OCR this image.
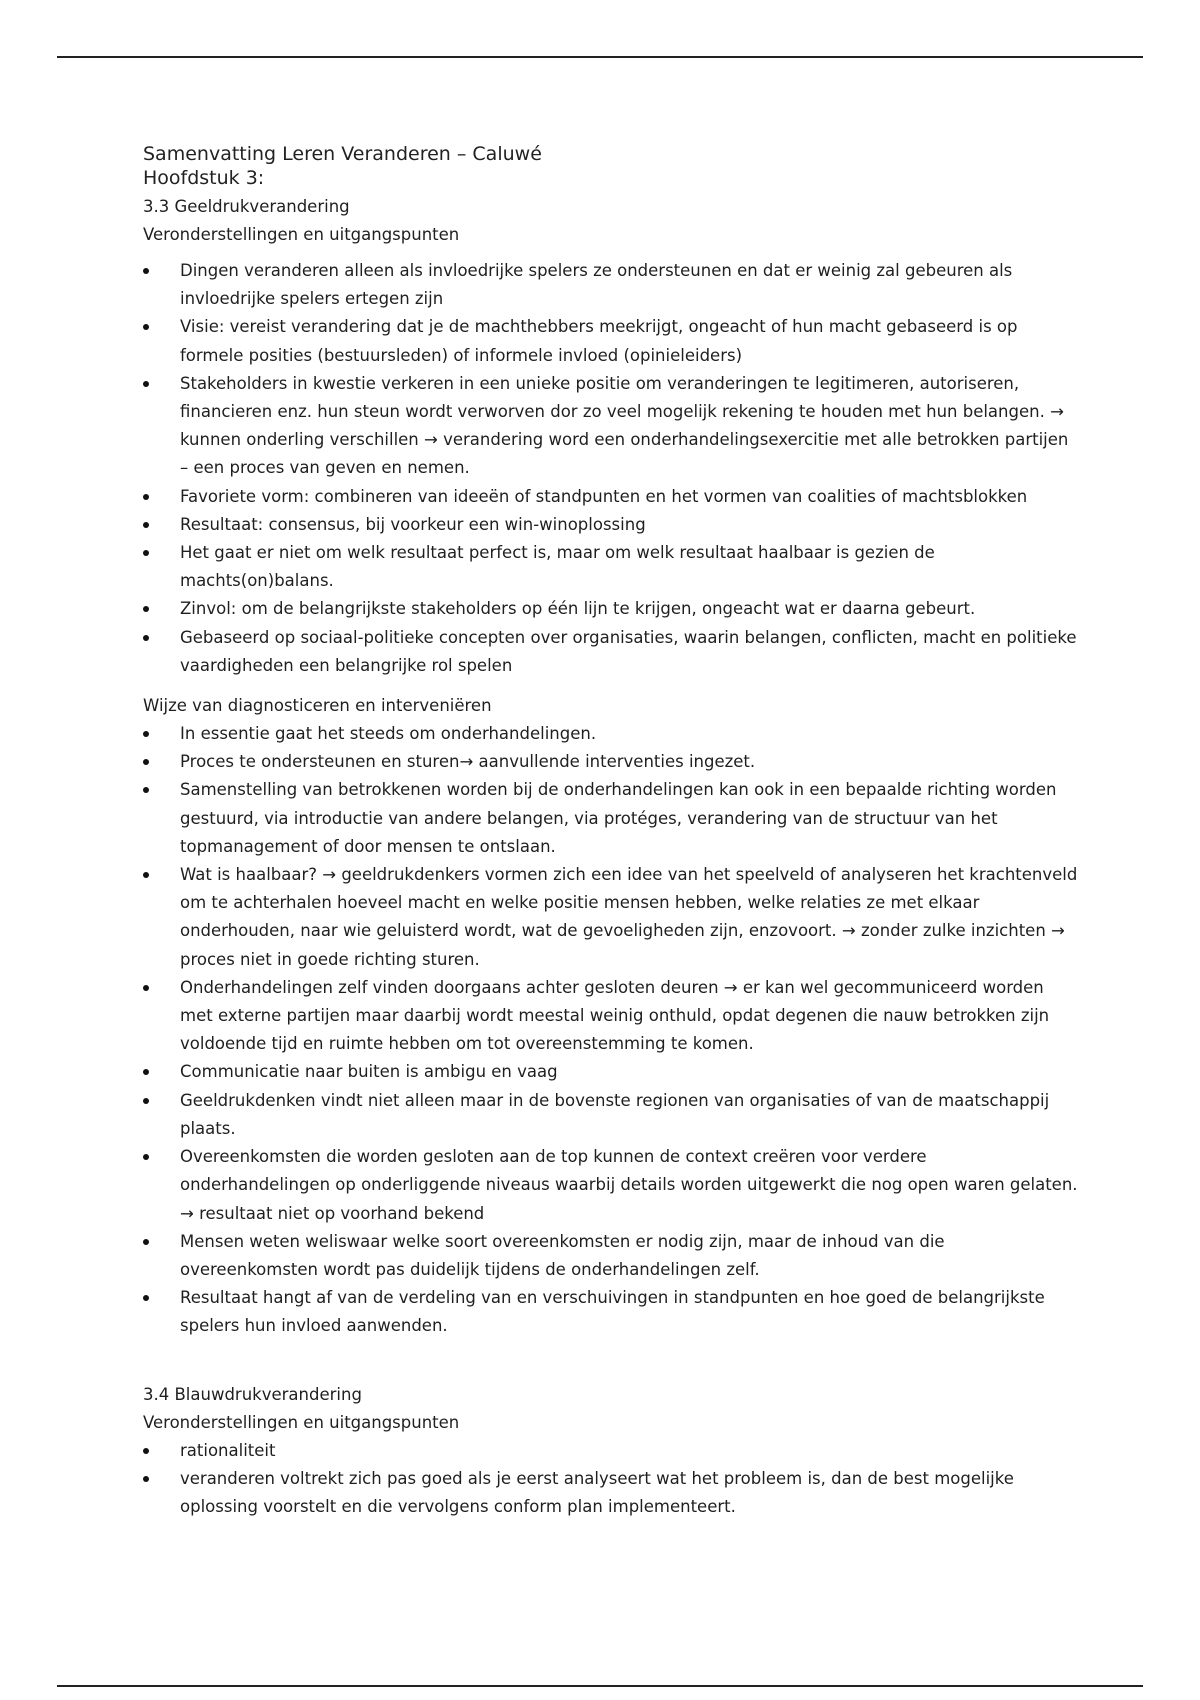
Samenvatting Leren Veranderen – Caluwé
Hoofdstuk 3:
3.3 Geeldrukverandering
Veronderstellingen en uitgangspunten
Dingen veranderen alleen als invloedrijke spelers ze ondersteunen en dat er weinig zal gebeuren als invloedrijke spelers ertegen zijn
Visie: vereist verandering dat je de machthebbers meekrijgt, ongeacht of hun macht gebaseerd is op formele posities (bestuursleden) of informele invloed (opinieleiders)
Stakeholders in kwestie verkeren in een unieke positie om veranderingen te legitimeren, autoriseren, financieren enz. hun steun wordt verworven dor zo veel mogelijk rekening te houden met hun belangen. → kunnen onderling verschillen → verandering word een onderhandelingsexercitie met alle betrokken partijen – een proces van geven en nemen.
Favoriete vorm: combineren van ideeën of standpunten en het vormen van coalities of machtsblokken
Resultaat: consensus, bij voorkeur een win-winoplossing
Het gaat er niet om welk resultaat perfect is, maar om welk resultaat haalbaar is gezien de machts(on)balans.
Zinvol: om de belangrijkste stakeholders op één lijn te krijgen, ongeacht wat er daarna gebeurt.
Gebaseerd op sociaal-politieke concepten over organisaties, waarin belangen, conflicten, macht en politieke vaardigheden een belangrijke rol spelen
Wijze van diagnosticeren en interveniëren
In essentie gaat het steeds om onderhandelingen.
Proces te ondersteunen en sturen→ aanvullende interventies ingezet.
Samenstelling van betrokkenen worden bij de onderhandelingen kan ook in een bepaalde richting worden gestuurd, via introductie van andere belangen, via protéges, verandering van de structuur van het topmanagement of door mensen te ontslaan.
Wat is haalbaar? → geeldrukdenkers vormen zich een idee van het speelveld of analyseren het krachtenveld om te achterhalen hoeveel macht en welke positie mensen hebben, welke relaties ze met elkaar onderhouden, naar wie geluisterd wordt, wat de gevoeligheden zijn, enzovoort. → zonder zulke inzichten → proces niet in goede richting sturen.
Onderhandelingen zelf vinden doorgaans achter gesloten deuren → er kan wel gecommuniceerd worden met externe partijen maar daarbij wordt meestal weinig onthuld, opdat degenen die nauw betrokken zijn voldoende tijd en ruimte hebben om tot overeenstemming te komen.
Communicatie naar buiten is ambigu en vaag
Geeldrukdenken vindt niet alleen maar in de bovenste regionen van organisaties of van de maatschappij plaats.
Overeenkomsten die worden gesloten aan de top kunnen de context creëren voor verdere onderhandelingen op onderliggende niveaus waarbij details worden uitgewerkt die nog open waren gelaten. → resultaat niet op voorhand bekend
Mensen weten weliswaar welke soort overeenkomsten er nodig zijn, maar de inhoud van die overeenkomsten wordt pas duidelijk tijdens de onderhandelingen zelf.
Resultaat hangt af van de verdeling van en verschuivingen in standpunten en hoe goed de belangrijkste spelers hun invloed aanwenden.
3.4 Blauwdrukverandering
Veronderstellingen en uitgangspunten
rationaliteit
veranderen voltrekt zich pas goed als je eerst analyseert wat het probleem is, dan de best mogelijke oplossing voorstelt en die vervolgens conform plan implementeert.
